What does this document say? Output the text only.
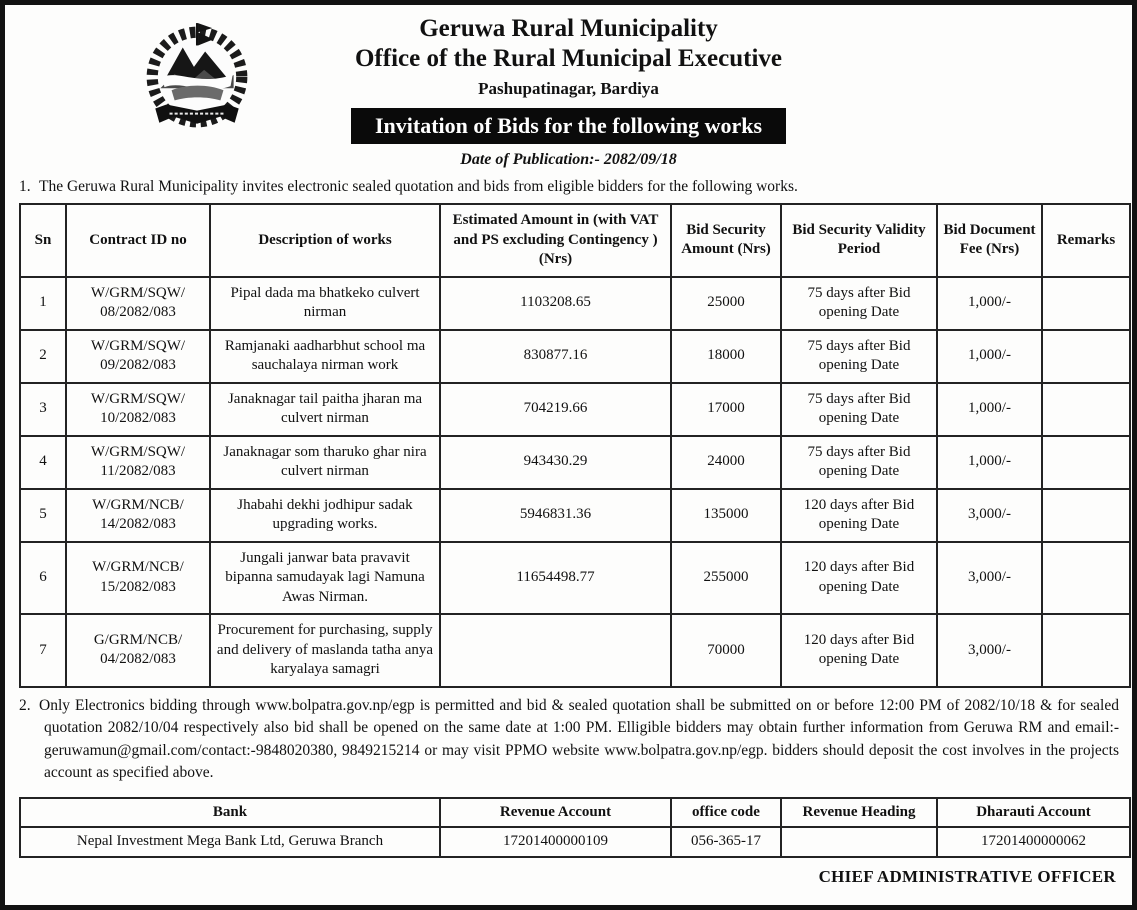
Geruwa Rural Municipality
Office of the Rural Municipal Executive
Pashupatinagar, Bardiya
Invitation of Bids for the following works
Date of Publication:- 2082/09/18
1. The Geruwa Rural Municipality invites electronic sealed quotation and bids from eligible bidders for the following works.
Sn	Contract ID no	Description of works	Estimated Amount in (with VAT and PS excluding Contingency ) (Nrs)	Bid Security Amount (Nrs)	Bid Security Validity Period	Bid Document Fee (Nrs)	Remarks
1	W/GRM/SQW/ 08/2082/083	Pipal dada ma bhatkeko culvert nirman	1103208.65	25000	75 days after Bid opening Date	1,000/-	
2	W/GRM/SQW/ 09/2082/083	Ramjanaki aadharbhut school ma sauchalaya nirman work	830877.16	18000	75 days after Bid opening Date	1,000/-	
3	W/GRM/SQW/ 10/2082/083	Janaknagar tail paitha jharan ma culvert nirman	704219.66	17000	75 days after Bid opening Date	1,000/-	
4	W/GRM/SQW/ 11/2082/083	Janaknagar som tharuko ghar nira culvert nirman	943430.29	24000	75 days after Bid opening Date	1,000/-	
5	W/GRM/NCB/ 14/2082/083	Jhabahi dekhi jodhipur sadak upgrading works.	5946831.36	135000	120 days after Bid opening Date	3,000/-	
6	W/GRM/NCB/ 15/2082/083	Jungali janwar bata pravavit bipanna samudayak lagi Namuna Awas Nirman.	11654498.77	255000	120 days after Bid opening Date	3,000/-	
7	G/GRM/NCB/ 04/2082/083	Procurement for purchasing, supply and delivery of maslanda tatha anya karyalaya samagri		70000	120 days after Bid opening Date	3,000/-	
2. Only Electronics bidding through www.bolpatra.gov.np/egp is permitted and bid & sealed quotation shall be submitted on or before 12:00 PM of 2082/10/18 & for sealed quotation 2082/10/04 respectively also bid shall be opened on the same date at 1:00 PM. Elligible bidders may obtain further information from Geruwa RM and email:- geruwamun@gmail.com/contact:-9848020380, 9849215214 or may visit PPMO website www.bolpatra.gov.np/egp. bidders should deposit the cost involves in the projects account as specified above.
Bank	Revenue Account	office code	Revenue Heading	Dharauti Account
Nepal Investment Mega Bank Ltd, Geruwa Branch	17201400000109	056-365-17		17201400000062
CHIEF ADMINISTRATIVE OFFICER
